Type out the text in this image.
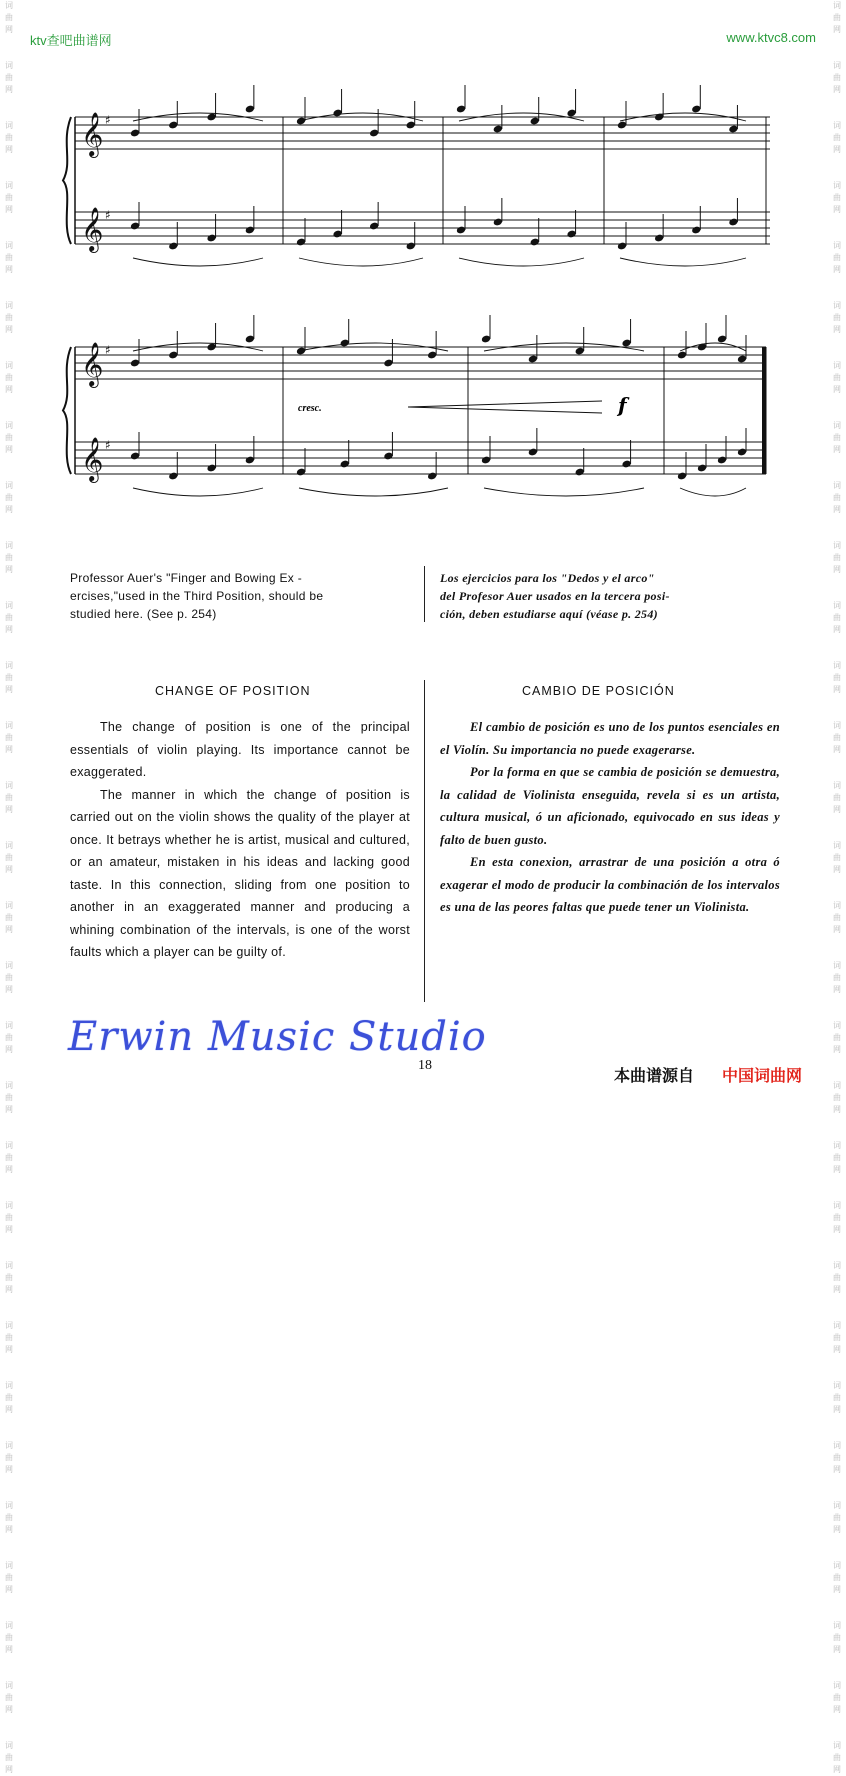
词
曲
网

词
曲
网

词
曲
网

词
曲
网

词
曲
网

词
曲
网

词
曲
网

词
曲
网

词
曲
网

词
曲
网

词
曲
网

词
曲
网

词
曲
网

词
曲
网

词
曲
网

词
曲
网

词
曲
网

词
曲
网

词
曲
网

词
曲
网

词
曲
网

词
曲
网

词
曲
网

词
曲
网

词
曲
网

词
曲
网

词
曲
网

词
曲
网

词
曲
网

词
曲
网

词
曲
网

词
曲
网

词
曲
网

词
曲
网

词
曲
网

词
曲
网

词
曲
网

词
曲
网

词
曲
网

词
曲
网

词
曲
网

词
曲
网

词
曲
网

词
曲
网

词
曲
网

词
曲
网

词
曲
网

词
曲
网

词
曲
网

词
曲
网

词
曲
网

词
曲
网

词
曲
网

词
曲
网

词
曲
网

词
曲
网

词
曲
网

词
曲
网

词
曲
网

词
曲
网

ktv查吧曲谱网	www.ktvc8.com
𝄞 ♯
𝄞 ♯
𝄞 ♯
𝄞 ♯
cresc.	f
Professor Auer's "Finger and Bowing Ex -
ercises,"used in the Third Position, should be
studied here. (See p. 254)
Los ejercicios para los "Dedos y el arco"
del Profesor Auer usados en la tercera posi-
ción, deben estudiarse aquí (véase p. 254)
CHANGE OF POSITION	CAMBIO DE POSICIÓN

The change of position is one of the principal essentials of violin playing. Its importance cannot be exaggerated.

The manner in which the change of position is carried out on the violin shows the quality of the player at once. It betrays whether he is artist, musical and cultured, or an amateur, mistaken in his ideas and lacking good taste. In this connection, sliding from one position to another in an exaggerated manner and producing a whining combination of the intervals, is one of the worst faults which a player can be guilty of.

El cambio de posición es uno de los puntos esenciales en el Violín. Su importancia no puede exagerarse.

Por la forma en que se cambia de posición se demuestra, la calidad de Violinista enseguida, revela si es un artista, cultura musical, ó un aficionado, equivocado en sus ideas y falto de buen gusto.

En esta conexion, arrastrar de una posición a otra ó exagerar el modo de producir la combinación de los intervalos es una de las peores faltas que puede tener un Violinista.

Erwin Music Studio
18
本曲谱源自 中国词曲网
